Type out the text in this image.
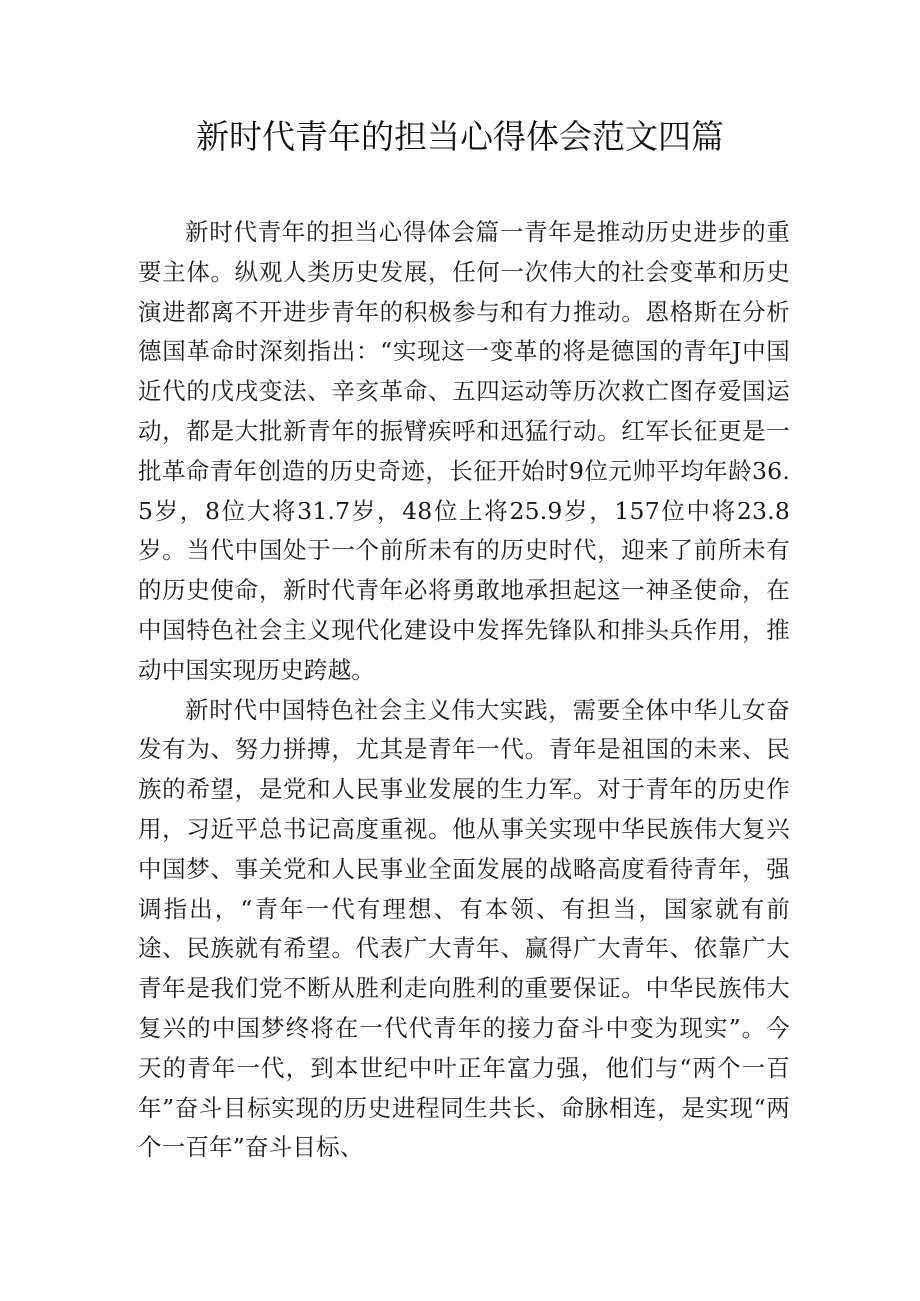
新时代青年的担当心得体会范文四篇

新时代青年的担当心得体会篇一青年是推动历史进步的重要主体。纵观人类历史发展，任何一次伟大的社会变革和历史演进都离不开进步青年的积极参与和有力推动。恩格斯在分析德国革命时深刻指出：“实现这一变革的将是德国的青年J中国近代的戊戌变法、辛亥革命、五四运动等历次救亡图存爱国运动，都是大批新青年的振臂疾呼和迅猛行动。红军长征更是一批革命青年创造的历史奇迹，长征开始时9位元帅平均年龄36.5岁，8位大将31.7岁，48位上将25.9岁，157位中将23.8岁。当代中国处于一个前所未有的历史时代，迎来了前所未有的历史使命，新时代青年必将勇敢地承担起这一神圣使命，在中国特色社会主义现代化建设中发挥先锋队和排头兵作用，推动中国实现历史跨越。

新时代中国特色社会主义伟大实践，需要全体中华儿女奋发有为、努力拼搏，尤其是青年一代。青年是祖国的未来、民族的希望，是党和人民事业发展的生力军。对于青年的历史作用，习近平总书记高度重视。他从事关实现中华民族伟大复兴中国梦、事关党和人民事业全面发展的战略高度看待青年，强调指出，“青年一代有理想、有本领、有担当，国家就有前途、民族就有希望。代表广大青年、赢得广大青年、依靠广大青年是我们党不断从胜利走向胜利的重要保证。中华民族伟大复兴的中国梦终将在一代代青年的接力奋斗中变为现实”。今天的青年一代，到本世纪中叶正年富力强，他们与“两个一百年”奋斗目标实现的历史进程同生共长、命脉相连，是实现“两个一百年”奋斗目标、
